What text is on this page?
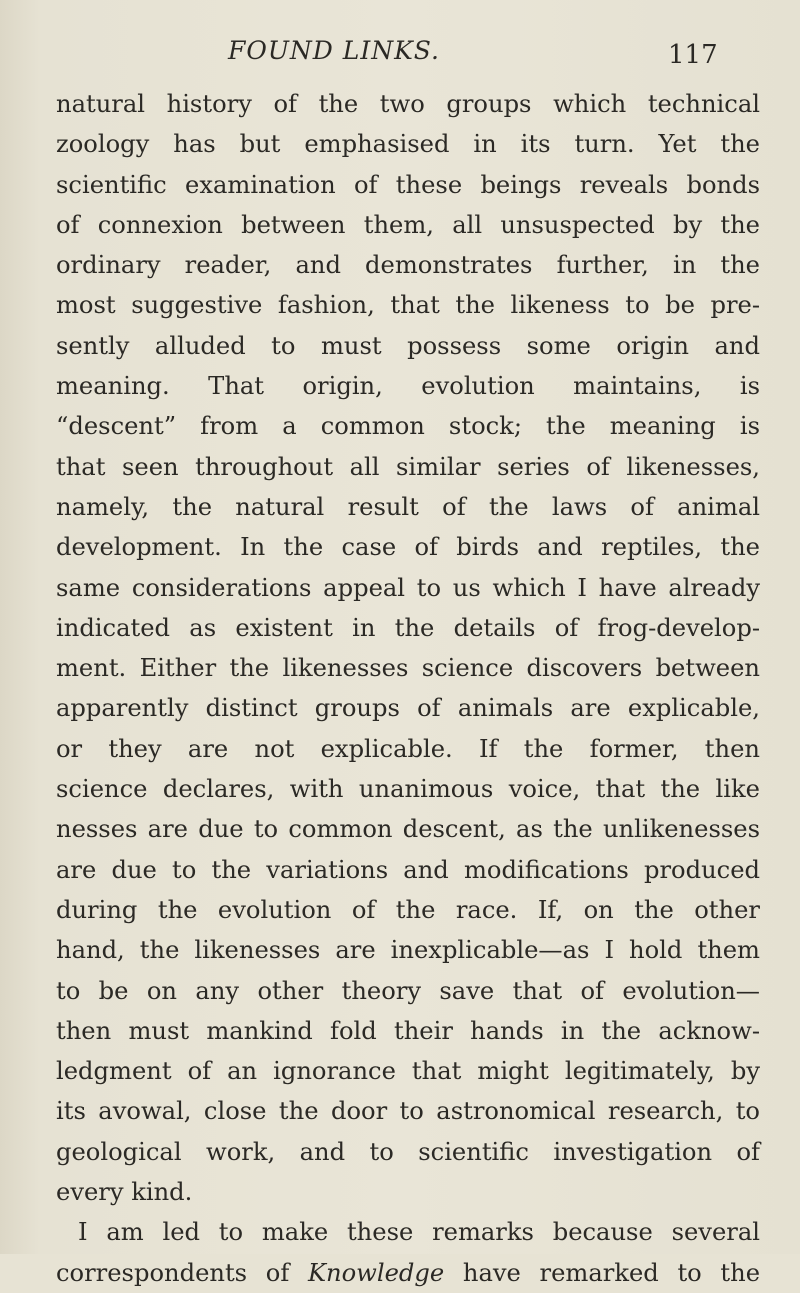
FOUND LINKS.	117
natural history of the two groups which technical
zoology has but emphasised in its turn. Yet the
scientific examination of these beings reveals bonds
of connexion between them, all unsuspected by the
ordinary reader, and demonstrates further, in the
most suggestive fashion, that the likeness to be pre-
sently alluded to must possess some origin and
meaning. That origin, evolution maintains, is
“descent” from a common stock; the meaning is
that seen throughout all similar series of likenesses,
namely, the natural result of the laws of animal
development. In the case of birds and reptiles, the
same considerations appeal to us which I have already
indicated as existent in the details of frog-develop-
ment. Either the likenesses science discovers between
apparently distinct groups of animals are explicable,
or they are not explicable. If the former, then
science declares, with unanimous voice, that the like
nesses are due to common descent, as the unlikenesses
are due to the variations and modifications produced
during the evolution of the race. If, on the other
hand, the likenesses are inexplicable—as I hold them
to be on any other theory save that of evolution—
then must mankind fold their hands in the acknow-
ledgment of an ignorance that might legitimately, by
its avowal, close the door to astronomical research, to
geological work, and to scientific investigation of
every kind.
I am led to make these remarks because several
correspondents of Knowledge have remarked to the
